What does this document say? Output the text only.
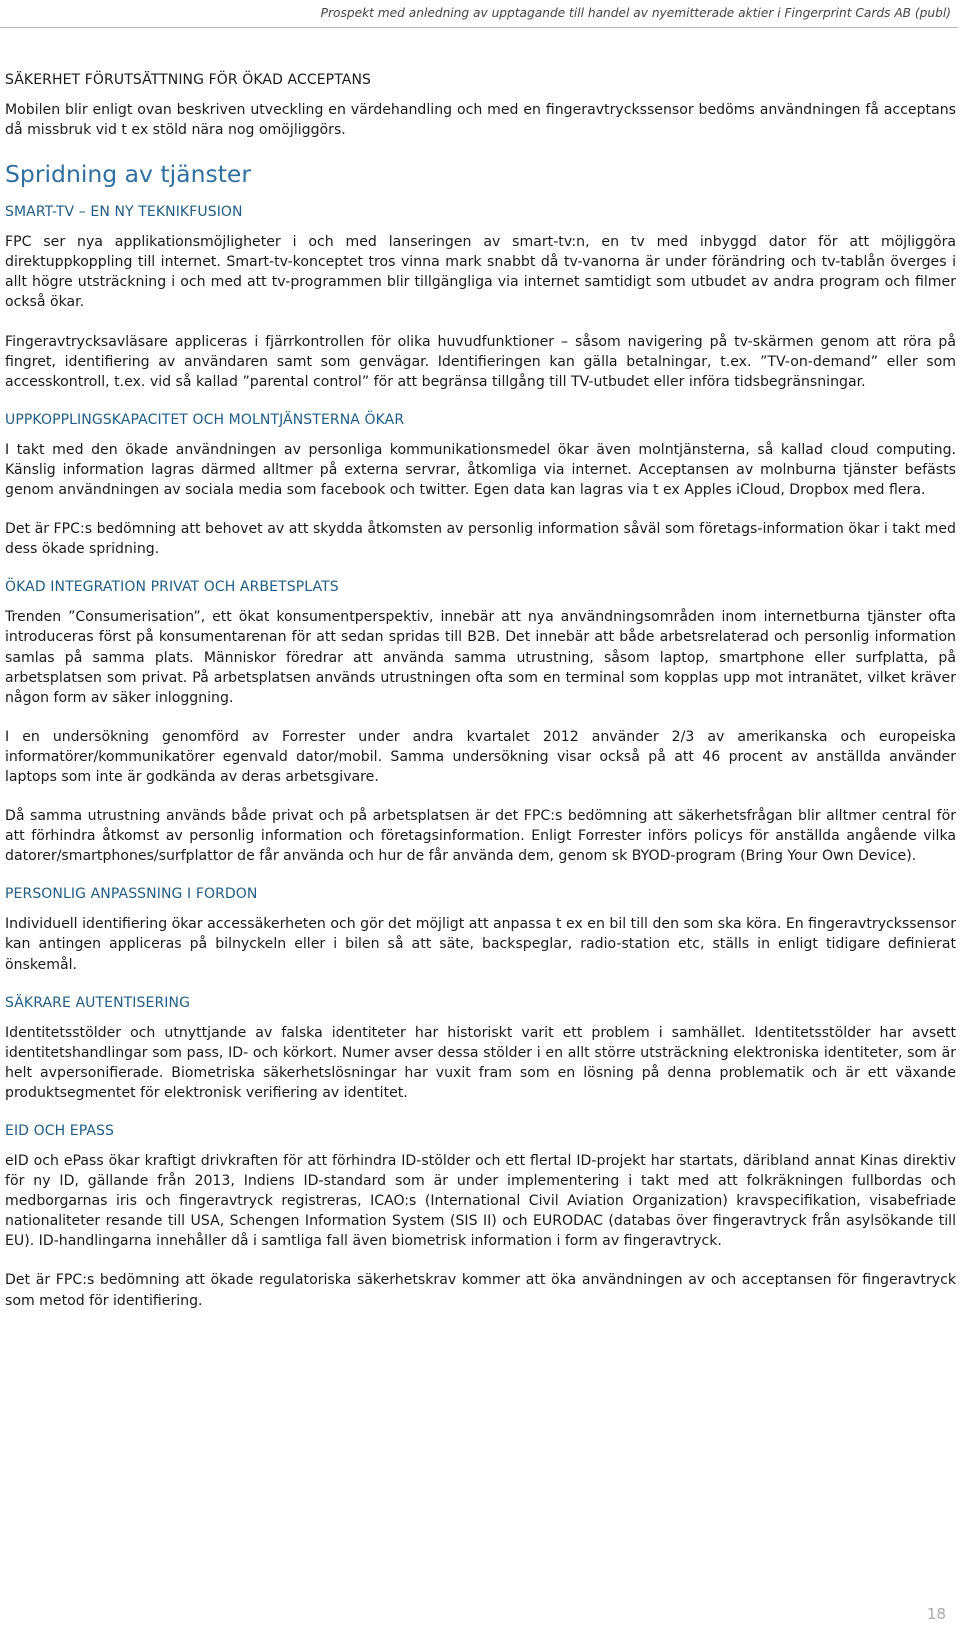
Prospekt med anledning av upptagande till handel av nyemitterade aktier i Fingerprint Cards AB (publ)
SÄKERHET FÖRUTSÄTTNING FÖR ÖKAD ACCEPTANS

Mobilen blir enligt ovan beskriven utveckling en värdehandling och med en fingeravtryckssensor bedöms användningen få acceptans då missbruk vid t ex stöld nära nog omöjliggörs.

Spridning av tjänster
SMART-TV – EN NY TEKNIKFUSION

FPC ser nya applikationsmöjligheter i och med lanseringen av smart-tv:n, en tv med inbyggd dator för att möjliggöra direktuppkoppling till internet. Smart-tv-konceptet tros vinna mark snabbt då tv-vanorna är under förändring och tv-tablån överges i allt högre utsträckning i och med att tv-programmen blir tillgängliga via internet samtidigt som utbudet av andra program och filmer också ökar.

Fingeravtrycksavläsare appliceras i fjärrkontrollen för olika huvudfunktioner – såsom navigering på tv-skärmen genom att röra på fingret, identifiering av användaren samt som genvägar. Identifieringen kan gälla betalningar, t.ex. ”TV-on-demand” eller som accesskontroll, t.ex. vid så kallad ”parental control” för att begränsa tillgång till TV-utbudet eller införa tidsbegränsningar.

UPPKOPPLINGSKAPACITET OCH MOLNTJÄNSTERNA ÖKAR

I takt med den ökade användningen av personliga kommunikationsmedel ökar även molntjänsterna, så kallad cloud computing. Känslig information lagras därmed alltmer på externa servrar, åtkomliga via internet. Acceptansen av molnburna tjänster befästs genom användningen av sociala media som facebook och twitter. Egen data kan lagras via t ex Apples iCloud, Dropbox med flera.

Det är FPC:s bedömning att behovet av att skydda åtkomsten av personlig information såväl som företags-information ökar i takt med dess ökade spridning.

ÖKAD INTEGRATION PRIVAT OCH ARBETSPLATS

Trenden ”Consumerisation”, ett ökat konsumentperspektiv, innebär att nya användningsområden inom internetburna tjänster ofta introduceras först på konsumentarenan för att sedan spridas till B2B. Det innebär att både arbetsrelaterad och personlig information samlas på samma plats. Människor föredrar att använda samma utrustning, såsom laptop, smartphone eller surfplatta, på arbetsplatsen som privat. På arbetsplatsen används utrustningen ofta som en terminal som kopplas upp mot intranätet, vilket kräver någon form av säker inloggning.

I en undersökning genomförd av Forrester under andra kvartalet 2012 använder 2/3 av amerikanska och europeiska informatörer/kommunikatörer egenvald dator/mobil. Samma undersökning visar också på att 46 procent av anställda använder laptops som inte är godkända av deras arbetsgivare.

Då samma utrustning används både privat och på arbetsplatsen är det FPC:s bedömning att säkerhetsfrågan blir alltmer central för att förhindra åtkomst av personlig information och företagsinformation. Enligt Forrester införs policys för anställda angående vilka datorer/smartphones/surfplattor de får använda och hur de får använda dem, genom sk BYOD-program (Bring Your Own Device).

PERSONLIG ANPASSNING I FORDON

Individuell identifiering ökar accessäkerheten och gör det möjligt att anpassa t ex en bil till den som ska köra. En fingeravtryckssensor kan antingen appliceras på bilnyckeln eller i bilen så att säte, backspeglar, radio-station etc, ställs in enligt tidigare definierat önskemål.

SÄKRARE AUTENTISERING

Identitetsstölder och utnyttjande av falska identiteter har historiskt varit ett problem i samhället. Identitetsstölder har avsett identitetshandlingar som pass, ID- och körkort. Numer avser dessa stölder i en allt större utsträckning elektroniska identiteter, som är helt avpersonifierade. Biometriska säkerhetslösningar har vuxit fram som en lösning på denna problematik och är ett växande produktsegmentet för elektronisk verifiering av identitet.

EID OCH EPASS

eID och ePass ökar kraftigt drivkraften för att förhindra ID-stölder och ett flertal ID-projekt har startats, däribland annat Kinas direktiv för ny ID, gällande från 2013, Indiens ID-standard som är under implementering i takt med att folkräkningen fullbordas och medborgarnas iris och fingeravtryck registreras, ICAO:s (International Civil Aviation Organization) kravspecifikation, visabefriade nationaliteter resande till USA, Schengen Information System (SIS II) och EURODAC (databas över fingeravtryck från asylsökande till EU). ID-handlingarna innehåller då i samtliga fall även biometrisk information i form av fingeravtryck.

Det är FPC:s bedömning att ökade regulatoriska säkerhetskrav kommer att öka användningen av och acceptansen för fingeravtryck som metod för identifiering.

18
